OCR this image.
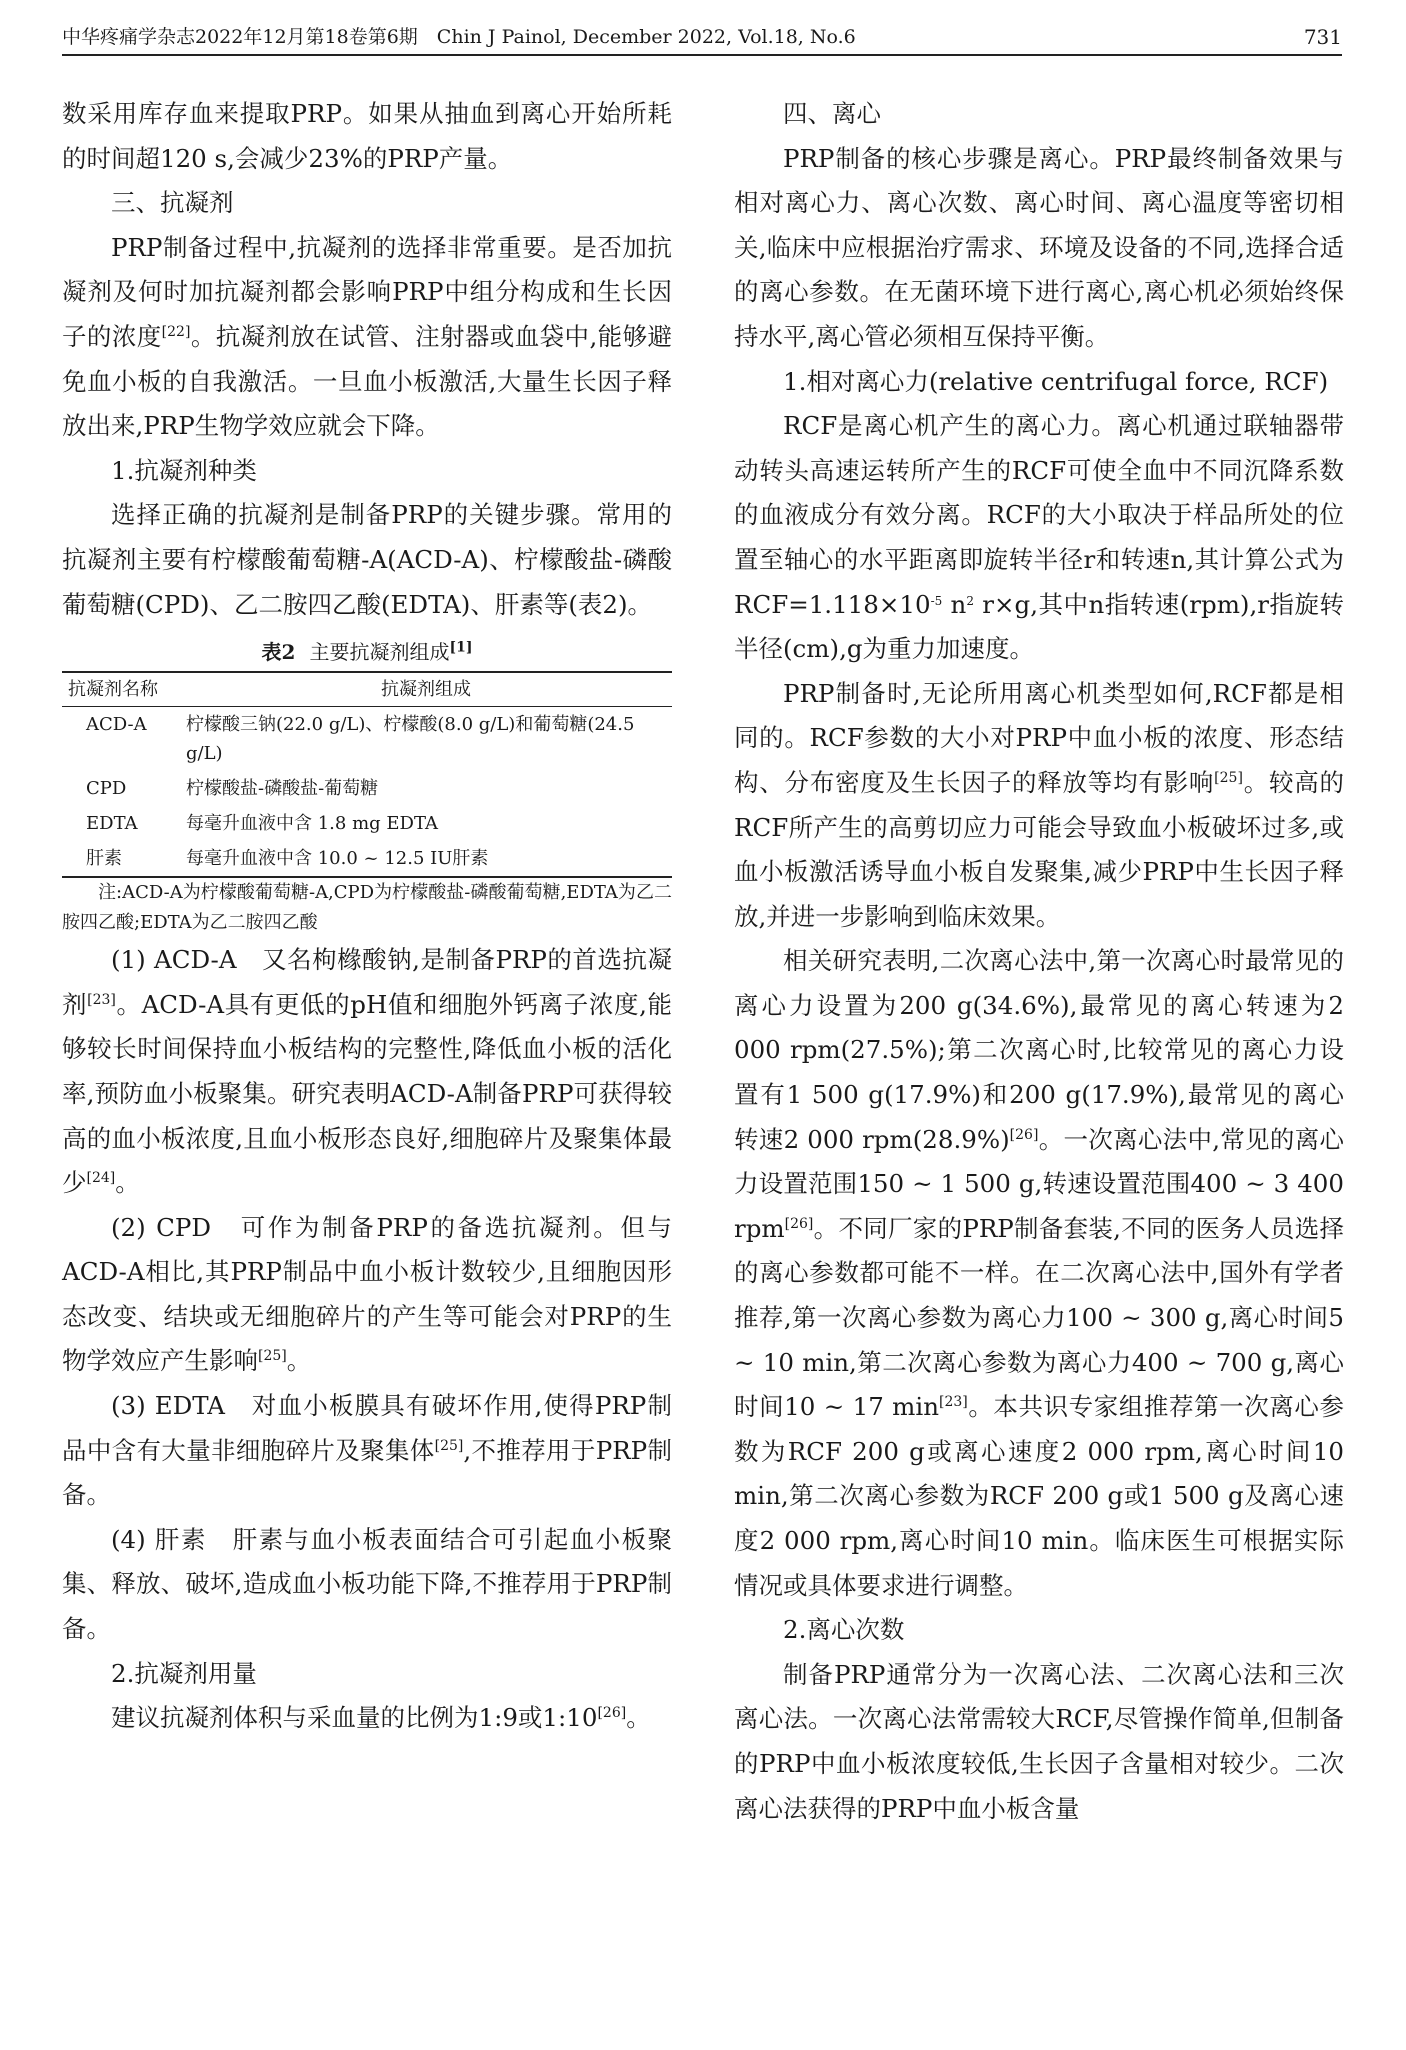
中华疼痛学杂志2022年12月第18卷第6期　Chin J Painol, December 2022, Vol.18, No.6	731

数采用库存血来提取PRP。如果从抽血到离心开始所耗的时间超120 s,会减少23%的PRP产量。

三、抗凝剂

PRP制备过程中,抗凝剂的选择非常重要。是否加抗凝剂及何时加抗凝剂都会影响PRP中组分构成和生长因子的浓度[22]。抗凝剂放在试管、注射器或血袋中,能够避免血小板的自我激活。一旦血小板激活,大量生长因子释放出来,PRP生物学效应就会下降。

1.抗凝剂种类

选择正确的抗凝剂是制备PRP的关键步骤。常用的抗凝剂主要有柠檬酸葡萄糖-A(ACD-A)、柠檬酸盐-磷酸葡萄糖(CPD)、乙二胺四乙酸(EDTA)、肝素等(表2)。

表2 主要抗凝剂组成[1]
抗凝剂名称	抗凝剂组成
ACD-A	柠檬酸三钠(22.0 g/L)、柠檬酸(8.0 g/L)和葡萄糖(24.5 g/L)
CPD	柠檬酸盐-磷酸盐-葡萄糖
EDTA	每毫升血液中含 1.8 mg EDTA
肝素	每毫升血液中含 10.0 ~ 12.5 IU肝素

注:ACD-A为柠檬酸葡萄糖-A,CPD为柠檬酸盐-磷酸葡萄糖,EDTA为乙二胺四乙酸;EDTA为乙二胺四乙酸

(1) ACD-A　又名枸橼酸钠,是制备PRP的首选抗凝剂[23]。ACD-A具有更低的pH值和细胞外钙离子浓度,能够较长时间保持血小板结构的完整性,降低血小板的活化率,预防血小板聚集。研究表明ACD-A制备PRP可获得较高的血小板浓度,且血小板形态良好,细胞碎片及聚集体最少[24]。

(2) CPD　可作为制备PRP的备选抗凝剂。但与ACD-A相比,其PRP制品中血小板计数较少,且细胞因形态改变、结块或无细胞碎片的产生等可能会对PRP的生物学效应产生影响[25]。

(3) EDTA　对血小板膜具有破坏作用,使得PRP制品中含有大量非细胞碎片及聚集体[25],不推荐用于PRP制备。

(4) 肝素　肝素与血小板表面结合可引起血小板聚集、释放、破坏,造成血小板功能下降,不推荐用于PRP制备。

2.抗凝剂用量

建议抗凝剂体积与采血量的比例为1:9或1:10[26]。

四、离心

PRP制备的核心步骤是离心。PRP最终制备效果与相对离心力、离心次数、离心时间、离心温度等密切相关,临床中应根据治疗需求、环境及设备的不同,选择合适的离心参数。在无菌环境下进行离心,离心机必须始终保持水平,离心管必须相互保持平衡。

1.相对离心力(relative centrifugal force, RCF)

RCF是离心机产生的离心力。离心机通过联轴器带动转头高速运转所产生的RCF可使全血中不同沉降系数的血液成分有效分离。RCF的大小取决于样品所处的位置至轴心的水平距离即旋转半径r和转速n,其计算公式为$RCF=1.118\times 10^{-5}$ $n^2$ r×g,其中n指转速(rpm),r指旋转半径(cm),g为重力加速度。

PRP制备时,无论所用离心机类型如何,RCF都是相同的。RCF参数的大小对PRP中血小板的浓度、形态结构、分布密度及生长因子的释放等均有影响[25]。较高的RCF所产生的高剪切应力可能会导致血小板破坏过多,或血小板激活诱导血小板自发聚集,减少PRP中生长因子释放,并进一步影响到临床效果。

相关研究表明,二次离心法中,第一次离心时最常见的离心力设置为200 g(34.6%),最常见的离心转速为2 000 rpm(27.5%);第二次离心时,比较常见的离心力设置有1 500 g(17.9%)和200 g(17.9%),最常见的离心转速2 000 rpm(28.9%)[26]。一次离心法中,常见的离心力设置范围150 ~ 1 500 g,转速设置范围400 ~ 3 400 rpm[26]。不同厂家的PRP制备套装,不同的医务人员选择的离心参数都可能不一样。在二次离心法中,国外有学者推荐,第一次离心参数为离心力100 ~ 300 g,离心时间5 ~ 10 min,第二次离心参数为离心力400 ~ 700 g,离心时间10 ~ 17 min[23]。本共识专家组推荐第一次离心参数为RCF 200 g或离心速度2 000 rpm,离心时间10 min,第二次离心参数为RCF 200 g或1 500 g及离心速度2 000 rpm,离心时间10 min。临床医生可根据实际情况或具体要求进行调整。

2.离心次数

制备PRP通常分为一次离心法、二次离心法和三次离心法。一次离心法常需较大RCF,尽管操作简单,但制备的PRP中血小板浓度较低,生长因子含量相对较少。二次离心法获得的PRP中血小板含量
